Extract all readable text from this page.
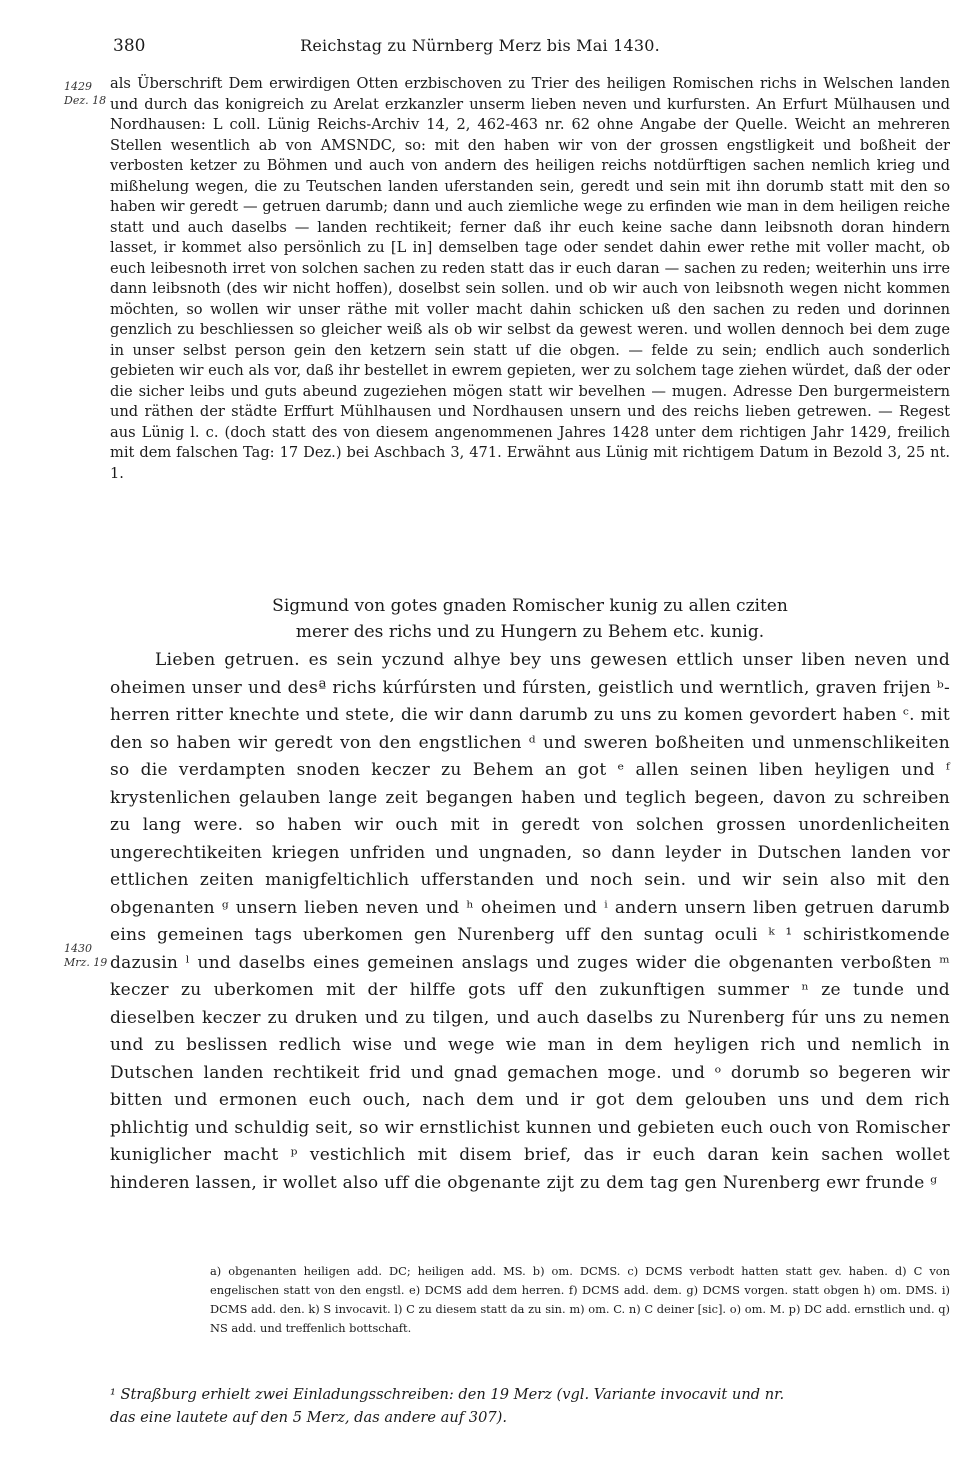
380	Reichstag zu Nürnberg Merz bis Mai 1430.
1429
Dez. 18

als Überschrift Dem erwirdigen Otten erzbischoven zu Trier des heiligen Romischen richs in Welschen landen und durch das konigreich zu Arelat erzkanzler unserm lieben neven und kurfursten. An Erfurt Mülhausen und Nordhausen: L coll. Lünig Reichs-Archiv 14, 2, 462-463 nr. 62 ohne Angabe der Quelle. Weicht an mehreren Stellen wesentlich ab von AMSNDC, so: mit den haben wir von der grossen engstligkeit und boßheit der verbosten ketzer zu Böhmen und auch von andern des heiligen reichs notdürftigen sachen nemlich krieg und mißhelung wegen, die zu Teutschen landen uferstanden sein, geredt und sein mit ihn dorumb statt mit den so haben wir geredt — getruen darumb; dann und auch ziemliche wege zu erfinden wie man in dem heiligen reiche statt und auch daselbs — landen rechtikeit; ferner daß ihr euch keine sache dann leibsnoth doran hindern lasset, ir kommet also persönlich zu [L in] demselben tage oder sendet dahin ewer rethe mit voller macht, ob euch leibesnoth irret von solchen sachen zu reden statt das ir euch daran — sachen zu reden; weiterhin uns irre dann leibsnoth (des wir nicht hoffen), doselbst sein sollen. und ob wir auch von leibsnoth wegen nicht kommen möchten, so wollen wir unser räthe mit voller macht dahin schicken uß den sachen zu reden und dorinnen genzlich zu beschliessen so gleicher weiß als ob wir selbst da gewest weren. und wollen dennoch bei dem zuge in unser selbst person gein den ketzern sein statt uf die obgen. — felde zu sein; endlich auch sonderlich gebieten wir euch als vor, daß ihr bestellet in ewrem gepieten, wer zu solchem tage ziehen würdet, daß der oder die sicher leibs und guts abeund zugeziehen mögen statt wir bevelhen — mugen. Adresse Den burgermeistern und räthen der städte Erffurt Mühlhausen und Nordhausen unsern und des reichs lieben getrewen. — Regest aus Lünig l. c. (doch statt des von diesem angenommenen Jahres 1428 unter dem richtigen Jahr 1429, freilich mit dem falschen Tag: 17 Dez.) bei Aschbach 3, 471. Erwähnt aus Lünig mit richtigem Datum in Bezold 3, 25 nt. 1.

Sigmund von gotes gnaden Romischer kunig zu allen cziten
merer des richs und zu Hungern zu Behem etc. kunig.

Lieben getruen. es sein yczund alhye bey uns gewesen ettlich unser liben neven und oheimen unser und desª richs kúrfúrsten und fúrsten, geistlich und werntlich, graven frijen ᵇ-herren ritter knechte und stete, die wir dann darumb zu uns zu komen gevordert haben ᶜ. mit den so haben wir geredt von den engstlichen ᵈ und sweren boßheiten und unmenschlikeiten so die verdampten snoden keczer zu Behem an got ᵉ allen seinen liben heyligen und ᶠ krystenlichen gelauben lange zeit begangen haben und teglich begeen, davon zu schreiben zu lang were. so haben wir ouch mit in geredt von solchen grossen unordenlicheiten ungerechtikeiten kriegen unfriden und ungnaden, so dann leyder in Dutschen landen vor ettlichen zeiten manigfeltichlich ufferstanden und noch sein. und wir sein also mit den obgenanten ᵍ unsern lieben neven und ʰ oheimen und ⁱ andern unsern liben getruen darumb eins gemeinen tags uberkomen gen Nurenberg uff den suntag oculi ᵏ ¹ schiristkomende dazusin ˡ und daselbs eines gemeinen anslags und zuges wider die obgenanten verboßten ᵐ keczer zu uberkomen mit der hilffe gots uff den zukunftigen summer ⁿ ze tunde und dieselben keczer zu druken und zu tilgen, und auch daselbs zu Nurenberg fúr uns zu nemen und zu beslissen redlich wise und wege wie man in dem heyligen rich und nemlich in Dutschen landen rechtikeit frid und gnad gemachen moge. und ᵒ dorumb so begeren wir bitten und ermonen euch ouch, nach dem und ir got dem gelouben uns und dem rich phlichtig und schuldig seit, so wir ernstlichist kunnen und gebieten euch ouch von Romischer kuniglicher macht ᵖ vestichlich mit disem brief, das ir euch daran kein sachen wollet hinderen lassen, ir wollet also uff die obgenante zijt zu dem tag gen Nurenberg ewr frunde ᵍ

1430
Mrz. 19

a) obgenanten heiligen add. DC; heiligen add. MS. b) om. DCMS. c) DCMS verbodt hatten statt gev. haben. d) C von engelischen statt von den engstl. e) DCMS add dem herren. f) DCMS add. dem. g) DCMS vorgen. statt obgen h) om. DMS. i) DCMS add. den. k) S invocavit. l) C zu diesem statt da zu sin. m) om. C. n) C deiner [sic]. o) om. M. p) DC add. ernstlich und. q) NS add. und treffenlich bottschaft.

¹ Straßburg erhielt zwei Einladungsschreiben: den 19 Merz (vgl. Variante invocavit und nr.

das eine lautete auf den 5 Merz, das andere auf 307).
